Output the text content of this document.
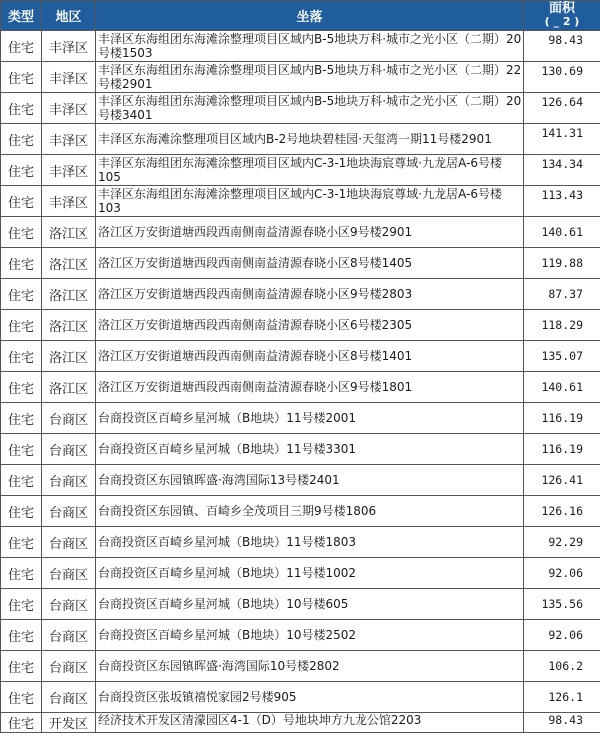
类型	地区	坐落	面积
( _ 2 )

住宅	丰泽区	丰泽区东海组团东海滩涂整理项目区域内B-5地块万科·城市之光小区（二期）20号楼1503	98.43
住宅	丰泽区	丰泽区东海组团东海滩涂整理项目区域内B-5地块万科·城市之光小区（二期）22号楼2901	130.69
住宅	丰泽区	丰泽区东海组团东海滩涂整理项目区域内B-5地块万科·城市之光小区（二期）20号楼3401	126.64
住宅	丰泽区	丰泽区东海滩涂整理项目区域内B-2号地块碧桂园·天玺湾一期11号楼2901	141.31
住宅	丰泽区	丰泽区东海组团东海滩涂整理项目区域内C-3-1地块海宸尊域·九龙居A-6号楼105	134.34
住宅	丰泽区	丰泽区东海组团东海滩涂整理项目区域内C-3-1地块海宸尊域·九龙居A-6号楼103	113.43
住宅	洛江区	洛江区万安街道塘西段西南侧南益清源春晓小区9号楼2901	140.61
住宅	洛江区	洛江区万安街道塘西段西南侧南益清源春晓小区8号楼1405	119.88
住宅	洛江区	洛江区万安街道塘西段西南侧南益清源春晓小区9号楼2803	87.37
住宅	洛江区	洛江区万安街道塘西段西南侧南益清源春晓小区6号楼2305	118.29
住宅	洛江区	洛江区万安街道塘西段西南侧南益清源春晓小区8号楼1401	135.07
住宅	洛江区	洛江区万安街道塘西段西南侧南益清源春晓小区9号楼1801	140.61
住宅	台商区	台商投资区百崎乡星河城（B地块）11号楼2001	116.19
住宅	台商区	台商投资区百崎乡星河城（B地块）11号楼3301	116.19
住宅	台商区	台商投资区东园镇晖盛·海湾国际13号楼2401	126.41
住宅	台商区	台商投资区东园镇、百崎乡全茂项目三期9号楼1806	126.16
住宅	台商区	台商投资区百崎乡星河城（B地块）11号楼1803	92.29
住宅	台商区	台商投资区百崎乡星河城（B地块）11号楼1002	92.06
住宅	台商区	台商投资区百崎乡星河城（B地块）10号楼605	135.56
住宅	台商区	台商投资区百崎乡星河城（B地块）10号楼2502	92.06
住宅	台商区	台商投资区东园镇晖盛·海湾国际10号楼2802	106.2
住宅	台商区	台商投资区张坂镇禧悦家园2号楼905	126.1
住宅	开发区	经济技术开发区清濛园区4-1（D）号地块坤方九龙公馆2203	98.43
